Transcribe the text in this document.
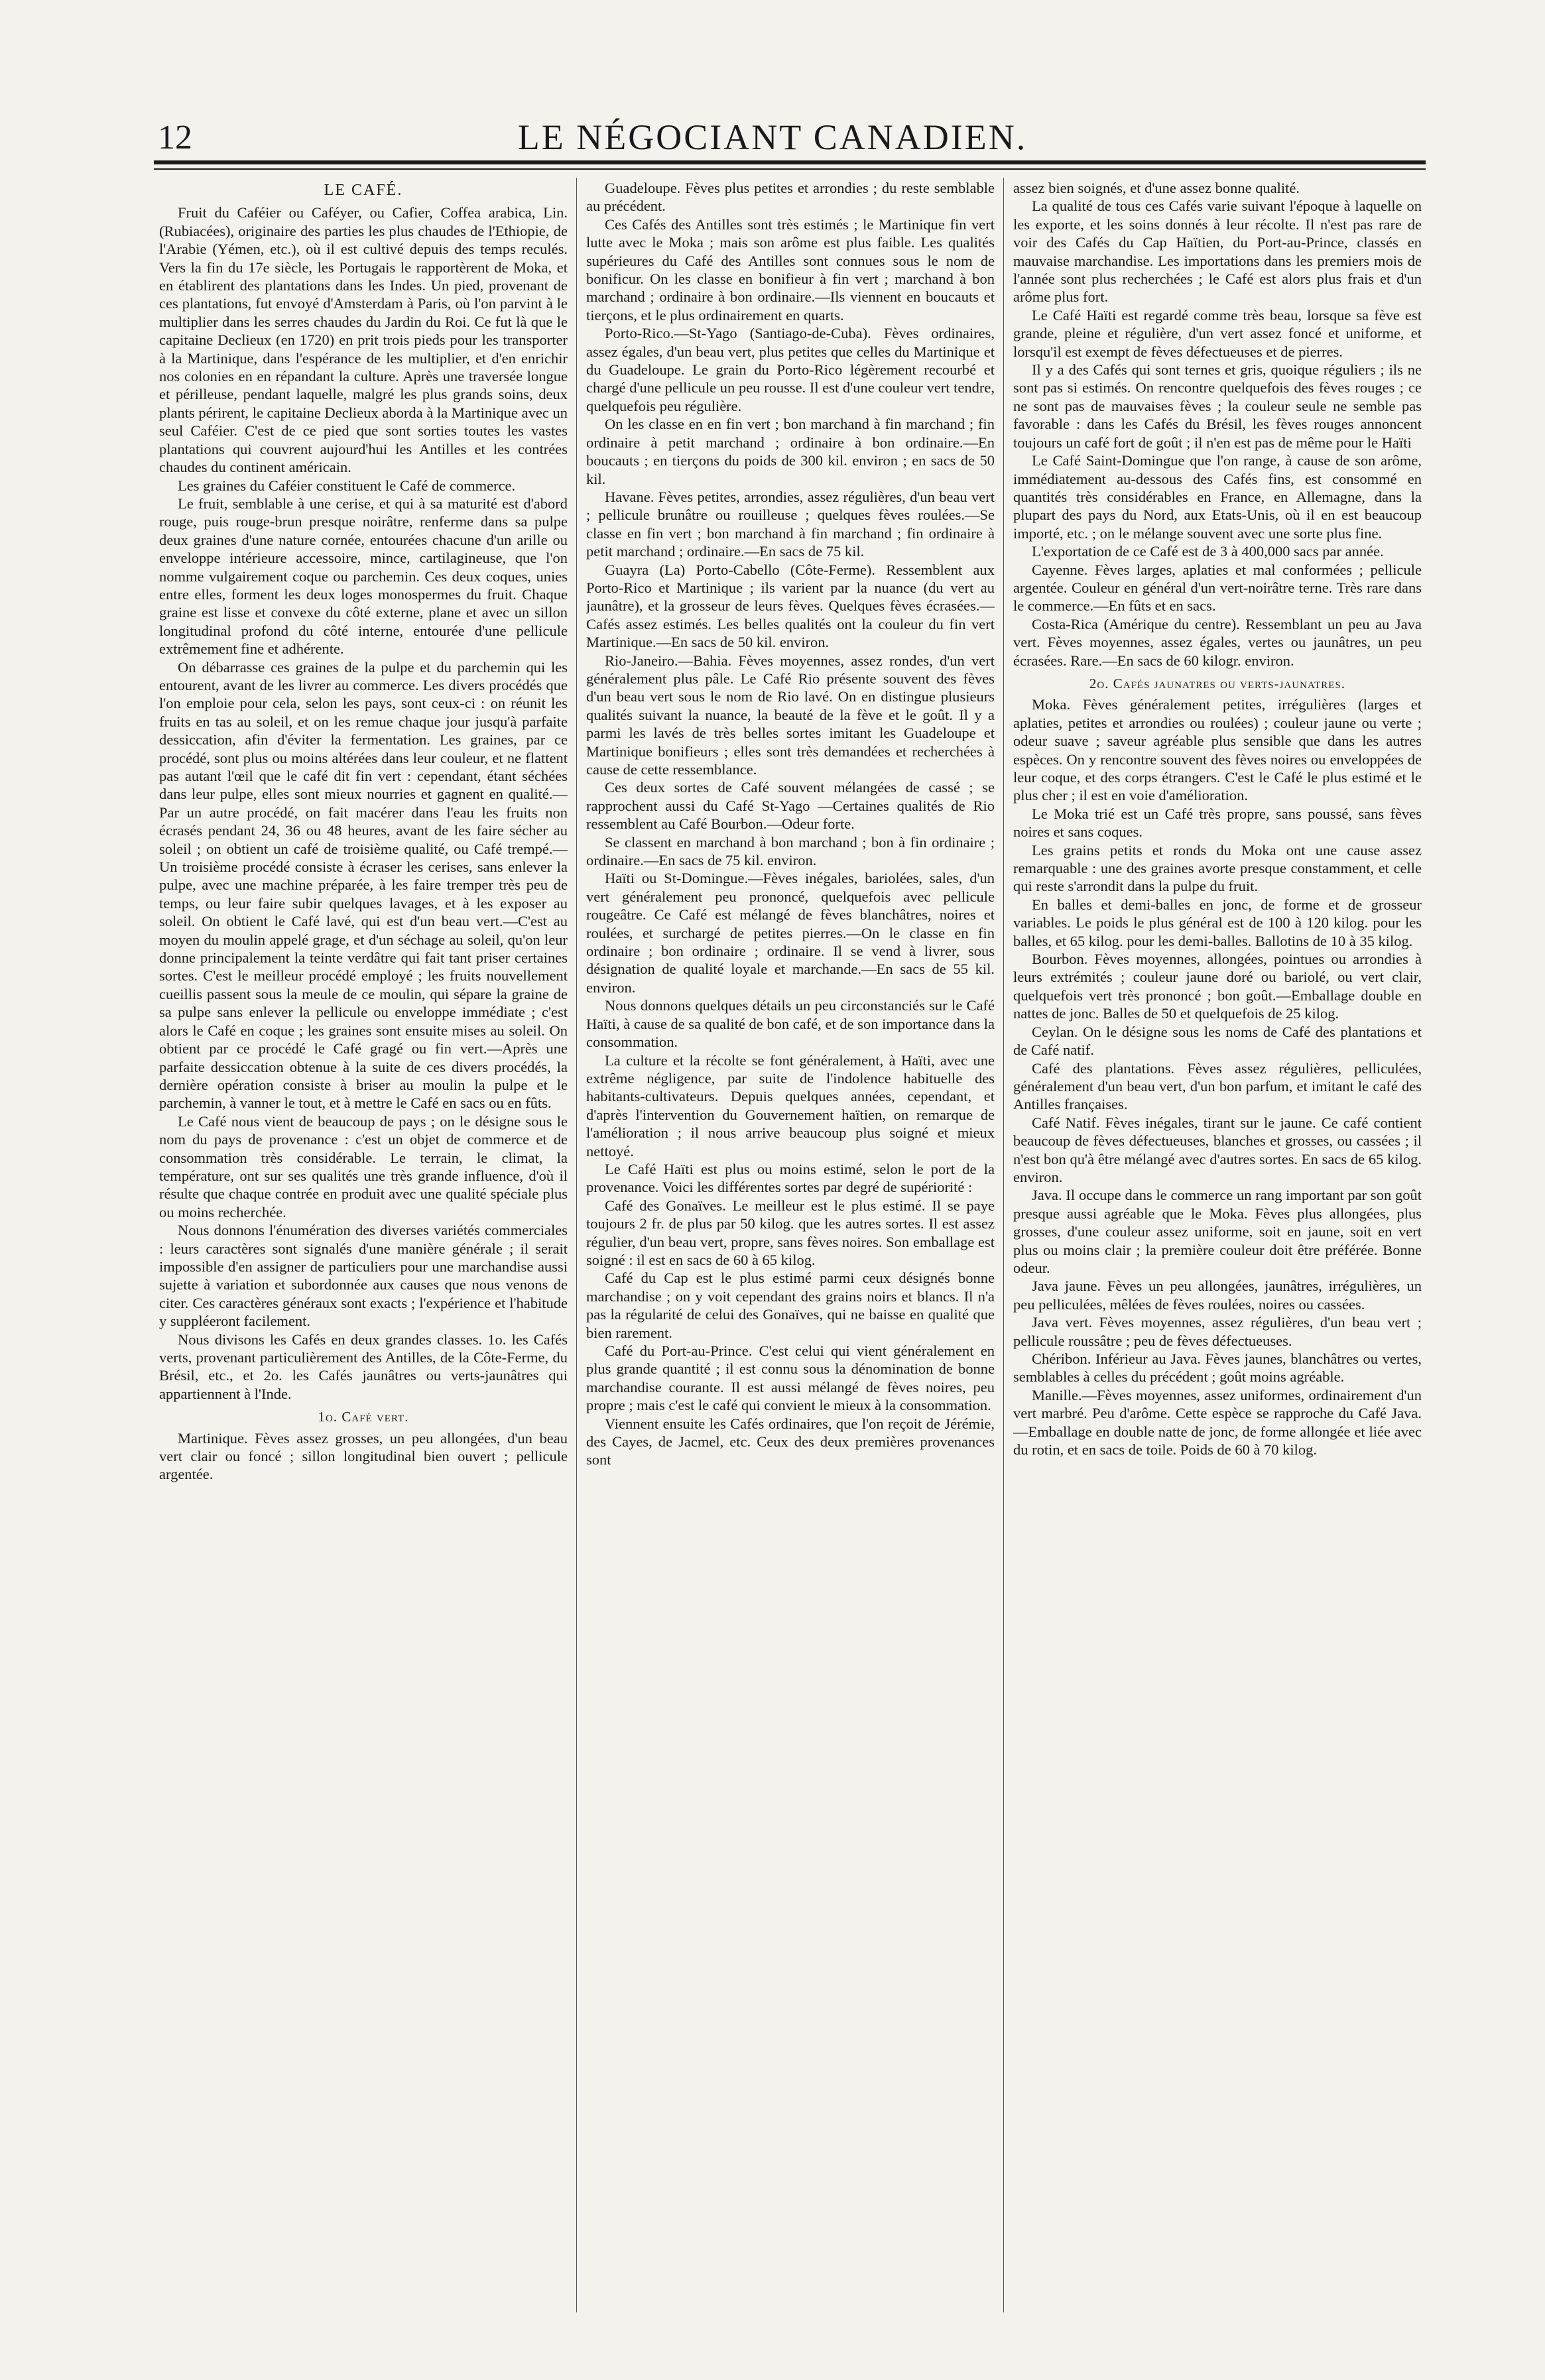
12	LE NÉGOCIANT CANADIEN.
LE CAFÉ.

Fruit du Caféier ou Caféyer, ou Cafier, Coffea arabica, Lin. (Rubiacées), originaire des parties les plus chaudes de l'Ethiopie, de l'Arabie (Yémen, etc.), où il est cultivé depuis des temps reculés. Vers la fin du 17e siècle, les Portugais le rapportèrent de Moka, et en établirent des plantations dans les Indes. Un pied, provenant de ces plantations, fut envoyé d'Amsterdam à Paris, où l'on parvint à le multiplier dans les serres chaudes du Jardin du Roi. Ce fut là que le capitaine Declieux (en 1720) en prit trois pieds pour les transporter à la Martinique, dans l'espérance de les multiplier, et d'en enrichir nos colonies en en répandant la culture. Après une traversée longue et périlleuse, pendant laquelle, malgré les plus grands soins, deux plants périrent, le capitaine Declieux aborda à la Martinique avec un seul Caféier. C'est de ce pied que sont sorties toutes les vastes plantations qui couvrent aujourd'hui les Antilles et les contrées chaudes du continent américain.

Les graines du Caféier constituent le Café de commerce.

Le fruit, semblable à une cerise, et qui à sa maturité est d'abord rouge, puis rouge-brun presque noirâtre, renferme dans sa pulpe deux graines d'une nature cornée, entourées chacune d'un arille ou enveloppe intérieure accessoire, mince, cartilagineuse, que l'on nomme vulgairement coque ou parchemin. Ces deux coques, unies entre elles, forment les deux loges monospermes du fruit. Chaque graine est lisse et convexe du côté externe, plane et avec un sillon longitudinal profond du côté interne, entourée d'une pellicule extrêmement fine et adhérente.

On débarrasse ces graines de la pulpe et du parchemin qui les entourent, avant de les livrer au commerce. Les divers procédés que l'on emploie pour cela, selon les pays, sont ceux-ci : on réunit les fruits en tas au soleil, et on les remue chaque jour jusqu'à parfaite dessiccation, afin d'éviter la fermentation. Les graines, par ce procédé, sont plus ou moins altérées dans leur couleur, et ne flattent pas autant l'œil que le café dit fin vert : cependant, étant séchées dans leur pulpe, elles sont mieux nourries et gagnent en qualité.—Par un autre procédé, on fait macérer dans l'eau les fruits non écrasés pendant 24, 36 ou 48 heures, avant de les faire sécher au soleil ; on obtient un café de troisième qualité, ou Café trempé.—Un troisième procédé consiste à écraser les cerises, sans enlever la pulpe, avec une machine préparée, à les faire tremper très peu de temps, ou leur faire subir quelques lavages, et à les exposer au soleil. On obtient le Café lavé, qui est d'un beau vert.—C'est au moyen du moulin appelé grage, et d'un séchage au soleil, qu'on leur donne principalement la teinte verdâtre qui fait tant priser certaines sortes. C'est le meilleur procédé employé ; les fruits nouvellement cueillis passent sous la meule de ce moulin, qui sépare la graine de sa pulpe sans enlever la pellicule ou enveloppe immédiate ; c'est alors le Café en coque ; les graines sont ensuite mises au soleil. On obtient par ce procédé le Café gragé ou fin vert.—Après une parfaite dessiccation obtenue à la suite de ces divers procédés, la dernière opération consiste à briser au moulin la pulpe et le parchemin, à vanner le tout, et à mettre le Café en sacs ou en fûts.

Le Café nous vient de beaucoup de pays ; on le désigne sous le nom du pays de provenance : c'est un objet de commerce et de consommation très considérable. Le terrain, le climat, la température, ont sur ses qualités une très grande influence, d'où il résulte que chaque contrée en produit avec une qualité spéciale plus ou moins recherchée.

Nous donnons l'énumération des diverses variétés commerciales : leurs caractères sont signalés d'une manière générale ; il serait impossible d'en assigner de particuliers pour une marchandise aussi sujette à variation et subordonnée aux causes que nous venons de citer. Ces caractères généraux sont exacts ; l'expérience et l'habitude y suppléeront facilement.

Nous divisons les Cafés en deux grandes classes. 1o. les Cafés verts, provenant particulièrement des Antilles, de la Côte-Ferme, du Brésil, etc., et 2o. les Cafés jaunâtres ou verts-jaunâtres qui appartiennent à l'Inde.

1o. Café vert.

Martinique. Fèves assez grosses, un peu allongées, d'un beau vert clair ou foncé ; sillon longitudinal bien ouvert ; pellicule argentée.

Guadeloupe. Fèves plus petites et arrondies ; du reste semblable au précédent.

Ces Cafés des Antilles sont très estimés ; le Martinique fin vert lutte avec le Moka ; mais son arôme est plus faible. Les qualités supérieures du Café des Antilles sont connues sous le nom de bonificur. On les classe en bonifieur à fin vert ; marchand à bon marchand ; ordinaire à bon ordinaire.—Ils viennent en boucauts et tierçons, et le plus ordinairement en quarts.

Porto-Rico.—St-Yago (Santiago-de-Cuba). Fèves ordinaires, assez égales, d'un beau vert, plus petites que celles du Martinique et du Guadeloupe. Le grain du Porto-Rico légèrement recourbé et chargé d'une pellicule un peu rousse. Il est d'une couleur vert tendre, quelquefois peu régulière.

On les classe en en fin vert ; bon marchand à fin marchand ; fin ordinaire à petit marchand ; ordinaire à bon ordinaire.—En boucauts ; en tierçons du poids de 300 kil. environ ; en sacs de 50 kil.

Havane. Fèves petites, arrondies, assez régulières, d'un beau vert ; pellicule brunâtre ou rouilleuse ; quelques fèves roulées.—Se classe en fin vert ; bon marchand à fin marchand ; fin ordinaire à petit marchand ; ordinaire.—En sacs de 75 kil.

Guayra (La) Porto-Cabello (Côte-Ferme). Ressemblent aux Porto-Rico et Martinique ; ils varient par la nuance (du vert au jaunâtre), et la grosseur de leurs fèves. Quelques fèves écrasées.—Cafés assez estimés. Les belles qualités ont la couleur du fin vert Martinique.—En sacs de 50 kil. environ.

Rio-Janeiro.—Bahia. Fèves moyennes, assez rondes, d'un vert généralement plus pâle. Le Café Rio présente souvent des fèves d'un beau vert sous le nom de Rio lavé. On en distingue plusieurs qualités suivant la nuance, la beauté de la fève et le goût. Il y a parmi les lavés de très belles sortes imitant les Guadeloupe et Martinique bonifieurs ; elles sont très demandées et recherchées à cause de cette ressemblance.

Ces deux sortes de Café souvent mélangées de cassé ; se rapprochent aussi du Café St-Yago —Certaines qualités de Rio ressemblent au Café Bourbon.—Odeur forte.

Se classent en marchand à bon marchand ; bon à fin ordinaire ; ordinaire.—En sacs de 75 kil. environ.

Haïti ou St-Domingue.—Fèves inégales, bariolées, sales, d'un vert généralement peu prononcé, quelquefois avec pellicule rougeâtre. Ce Café est mélangé de fèves blanchâtres, noires et roulées, et surchargé de petites pierres.—On le classe en fin ordinaire ; bon ordinaire ; ordinaire. Il se vend à livrer, sous désignation de qualité loyale et marchande.—En sacs de 55 kil. environ.

Nous donnons quelques détails un peu circonstanciés sur le Café Haïti, à cause de sa qualité de bon café, et de son importance dans la consommation.

La culture et la récolte se font généralement, à Haïti, avec une extrême négligence, par suite de l'indolence habituelle des habitants-cultivateurs. Depuis quelques années, cependant, et d'après l'intervention du Gouvernement haïtien, on remarque de l'amélioration ; il nous arrive beaucoup plus soigné et mieux nettoyé.

Le Café Haïti est plus ou moins estimé, selon le port de la provenance. Voici les différentes sortes par degré de supériorité :

Café des Gonaïves. Le meilleur est le plus estimé. Il se paye toujours 2 fr. de plus par 50 kilog. que les autres sortes. Il est assez régulier, d'un beau vert, propre, sans fèves noires. Son emballage est soigné : il est en sacs de 60 à 65 kilog.

Café du Cap est le plus estimé parmi ceux désignés bonne marchandise ; on y voit cependant des grains noirs et blancs. Il n'a pas la régularité de celui des Gonaïves, qui ne baisse en qualité que bien rarement.

Café du Port-au-Prince. C'est celui qui vient généralement en plus grande quantité ; il est connu sous la dénomination de bonne marchandise courante. Il est aussi mélangé de fèves noires, peu propre ; mais c'est le café qui convient le mieux à la consommation.

Viennent ensuite les Cafés ordinaires, que l'on reçoit de Jérémie, des Cayes, de Jacmel, etc. Ceux des deux premières provenances sont

assez bien soignés, et d'une assez bonne qualité.

La qualité de tous ces Cafés varie suivant l'époque à laquelle on les exporte, et les soins donnés à leur récolte. Il n'est pas rare de voir des Cafés du Cap Haïtien, du Port-au-Prince, classés en mauvaise marchandise. Les importations dans les premiers mois de l'année sont plus recherchées ; le Café est alors plus frais et d'un arôme plus fort.

Le Café Haïti est regardé comme très beau, lorsque sa fève est grande, pleine et régulière, d'un vert assez foncé et uniforme, et lorsqu'il est exempt de fèves défectueuses et de pierres.

Il y a des Cafés qui sont ternes et gris, quoique réguliers ; ils ne sont pas si estimés. On rencontre quelquefois des fèves rouges ; ce ne sont pas de mauvaises fèves ; la couleur seule ne semble pas favorable : dans les Cafés du Brésil, les fèves rouges annoncent toujours un café fort de goût ; il n'en est pas de même pour le Haïti

Le Café Saint-Domingue que l'on range, à cause de son arôme, immédiatement au-dessous des Cafés fins, est consommé en quantités très considérables en France, en Allemagne, dans la plupart des pays du Nord, aux Etats-Unis, où il en est beaucoup importé, etc. ; on le mélange souvent avec une sorte plus fine.

L'exportation de ce Café est de 3 à 400,000 sacs par année.

Cayenne. Fèves larges, aplaties et mal conformées ; pellicule argentée. Couleur en général d'un vert-noirâtre terne. Très rare dans le commerce.—En fûts et en sacs.

Costa-Rica (Amérique du centre). Ressemblant un peu au Java vert. Fèves moyennes, assez égales, vertes ou jaunâtres, un peu écrasées. Rare.—En sacs de 60 kilogr. environ.

2o. Cafés jaunatres ou verts-jaunatres.

Moka. Fèves généralement petites, irrégulières (larges et aplaties, petites et arrondies ou roulées) ; couleur jaune ou verte ; odeur suave ; saveur agréable plus sensible que dans les autres espèces. On y rencontre souvent des fèves noires ou enveloppées de leur coque, et des corps étrangers. C'est le Café le plus estimé et le plus cher ; il est en voie d'amélioration.

Le Moka trié est un Café très propre, sans poussé, sans fèves noires et sans coques.

Les grains petits et ronds du Moka ont une cause assez remarquable : une des graines avorte presque constamment, et celle qui reste s'arrondit dans la pulpe du fruit.

En balles et demi-balles en jonc, de forme et de grosseur variables. Le poids le plus général est de 100 à 120 kilog. pour les balles, et 65 kilog. pour les demi-balles. Ballotins de 10 à 35 kilog.

Bourbon. Fèves moyennes, allongées, pointues ou arrondies à leurs extrémités ; couleur jaune doré ou bariolé, ou vert clair, quelquefois vert très prononcé ; bon goût.—Emballage double en nattes de jonc. Balles de 50 et quelquefois de 25 kilog.

Ceylan. On le désigne sous les noms de Café des plantations et de Café natif.

Café des plantations. Fèves assez régulières, pelliculées, généralement d'un beau vert, d'un bon parfum, et imitant le café des Antilles françaises.

Café Natif. Fèves inégales, tirant sur le jaune. Ce café contient beaucoup de fèves défectueuses, blanches et grosses, ou cassées ; il n'est bon qu'à être mélangé avec d'autres sortes. En sacs de 65 kilog. environ.

Java. Il occupe dans le commerce un rang important par son goût presque aussi agréable que le Moka. Fèves plus allongées, plus grosses, d'une couleur assez uniforme, soit en jaune, soit en vert plus ou moins clair ; la première couleur doit être préférée. Bonne odeur.

Java jaune. Fèves un peu allongées, jaunâtres, irrégulières, un peu pelliculées, mêlées de fèves roulées, noires ou cassées.

Java vert. Fèves moyennes, assez régulières, d'un beau vert ; pellicule roussâtre ; peu de fèves défectueuses.

Chéribon. Inférieur au Java. Fèves jaunes, blanchâtres ou vertes, semblables à celles du précédent ; goût moins agréable.

Manille.—Fèves moyennes, assez uniformes, ordinairement d'un vert marbré. Peu d'arôme. Cette espèce se rapproche du Café Java.—Emballage en double natte de jonc, de forme allongée et liée avec du rotin, et en sacs de toile. Poids de 60 à 70 kilog.
